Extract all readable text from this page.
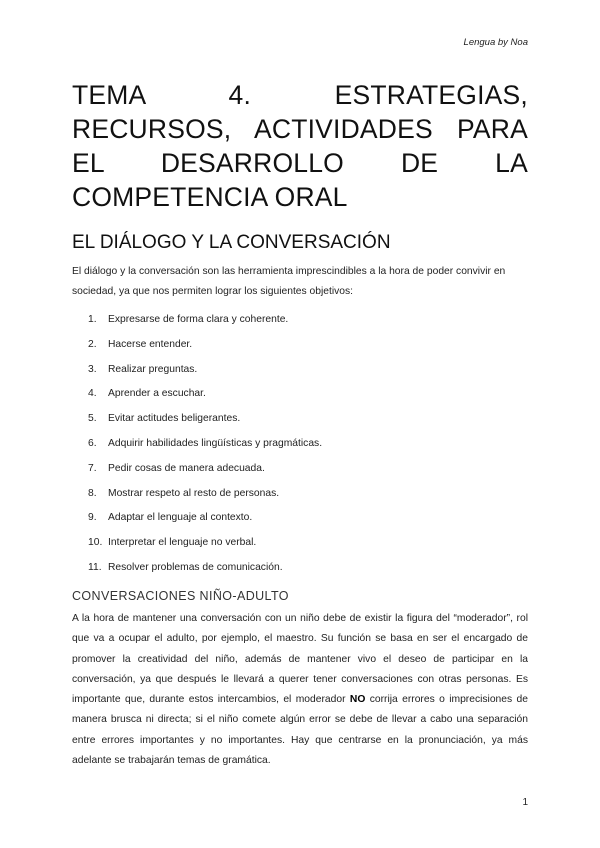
Lengua by Noa
TEMA 4. ESTRATEGIAS, RECURSOS, ACTIVIDADES PARA EL DESARROLLO DE LA COMPETENCIA ORAL
EL DIÁLOGO Y LA CONVERSACIÓN

El diálogo y la conversación son las herramienta imprescindibles a la hora de poder convivir en sociedad, ya que nos permiten lograr los siguientes objetivos:

1.	Expresarse de forma clara y coherente.
2.	Hacerse entender.
3.	Realizar preguntas.
4.	Aprender a escuchar.
5.	Evitar actitudes beligerantes.
6.	Adquirir habilidades lingüísticas y pragmáticas.
7.	Pedir cosas de manera adecuada.
8.	Mostrar respeto al resto de personas.
9.	Adaptar el lenguaje al contexto.
10. Interpretar el lenguaje no verbal.
11. Resolver problemas de comunicación.
CONVERSACIONES NIÑO-ADULTO

A la hora de mantener una conversación con un niño debe de existir la figura del “moderador”, rol que va a ocupar el adulto, por ejemplo, el maestro. Su función se basa en ser el encargado de promover la creatividad del niño, además de mantener vivo el deseo de participar en la conversación, ya que después le llevará a querer tener conversaciones con otras personas. Es importante que, durante estos intercambios, el moderador NO corrija errores o imprecisiones de manera brusca ni directa; si el niño comete algún error se debe de llevar a cabo una separación entre errores importantes y no importantes. Hay que centrarse en la pronunciación, ya más adelante se trabajarán temas de gramática.

1
